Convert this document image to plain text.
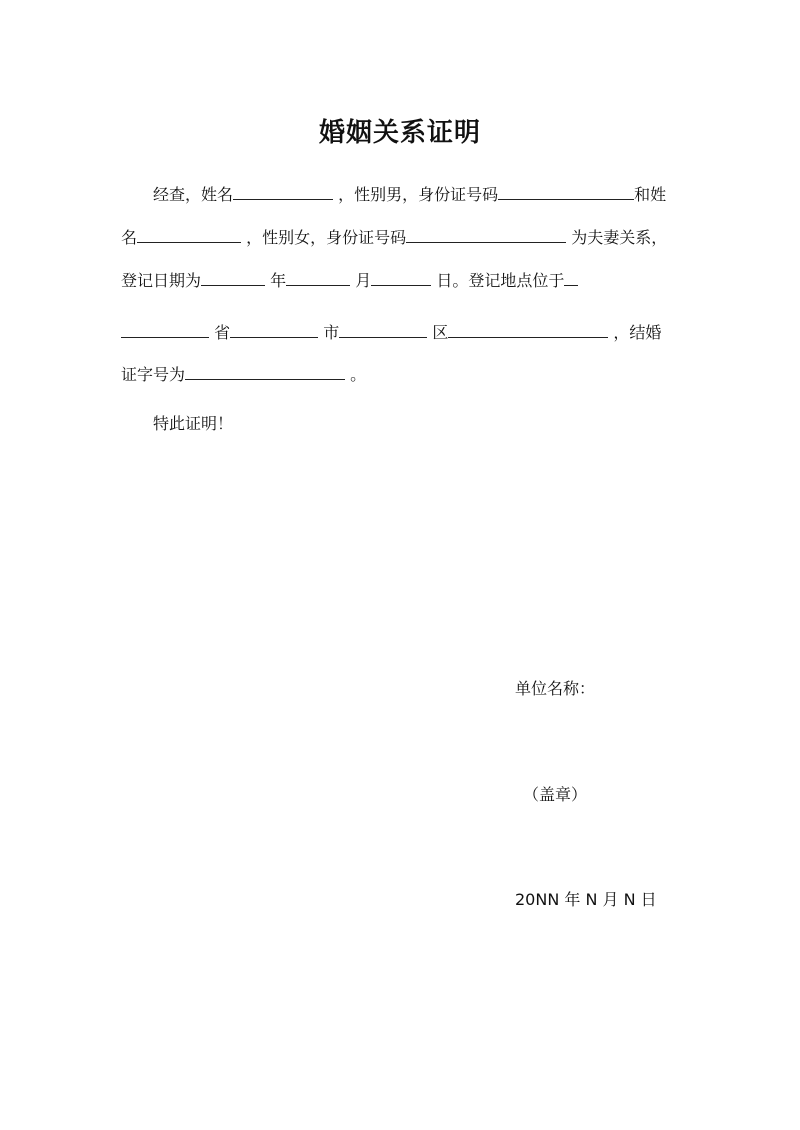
婚姻关系证明
经查，姓名	，性别男，身份证号码	和姓
名	，性别女，身份证号码	为夫妻关系，
登记日期为	年	月	日。登记地点位于
省	市	区	，结婚
证字号为	。
特此证明！
单位名称：
（盖章）
20NN 年 N 月 N 日
